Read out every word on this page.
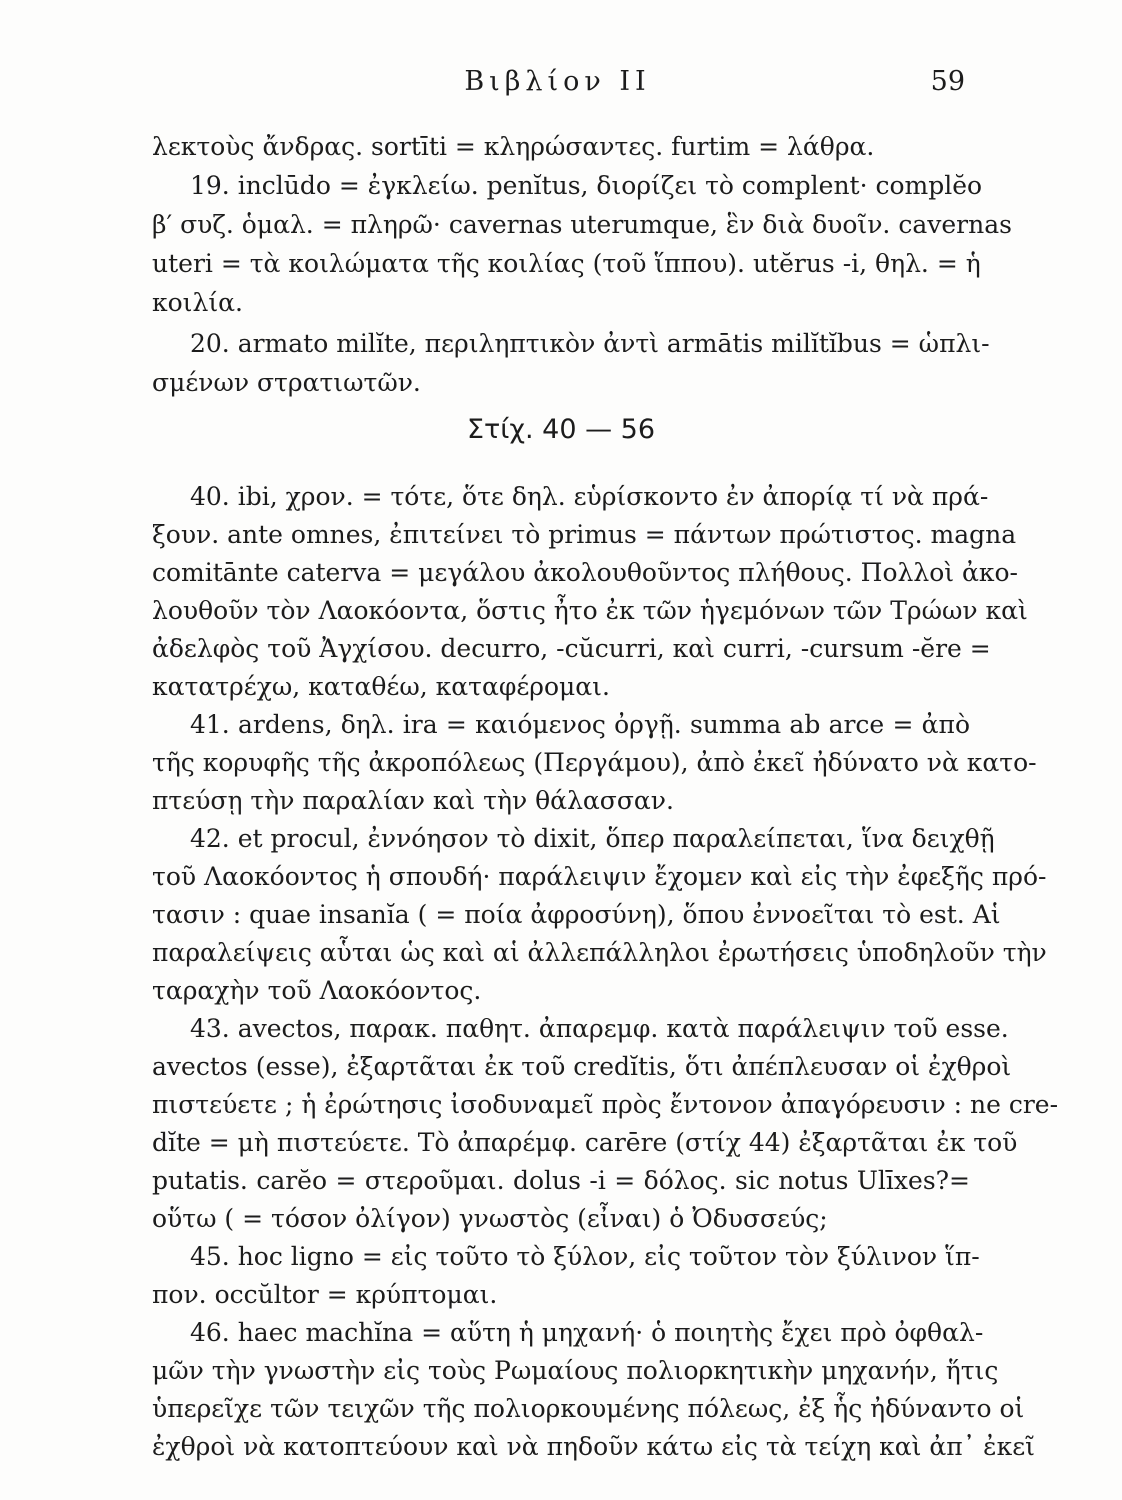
Βιβλίον ΙΙ	59
λεκτοὺς ἄνδρας. sortīti = κληρώσαντες. furtim = λάθρα.
19. inclūdo = ἐγκλείω. penĭtus, διορίζει τὸ complent· complĕo
β′ συζ. ὁμαλ. = πληρῶ· cavernas uterumque, ἓν διὰ δυοῖν. cavernas
uteri = τὰ κοιλώματα τῆς κοιλίας (τοῦ ἵππου). utĕrus -i, θηλ. = ἡ
κοιλία.
20. armato milĭte, περιληπτικὸν ἀντὶ armātis milĭtĭbus = ὡπλι-
σμένων στρατιωτῶν.
Στίχ. 40 — 56
40. ibi, χρον. = τότε, ὅτε δηλ. εὑρίσκοντο ἐν ἀπορίᾳ τί νὰ πρά-
ξουν. ante omnes, ἐπιτείνει τὸ primus = πάντων πρώτιστος. magna
comitānte caterva = μεγάλου ἀκολουθοῦντος πλήθους. Πολλοὶ ἀκο-
λουθοῦν τὸν Λαοκόοντα, ὅστις ἦτο ἐκ τῶν ἡγεμόνων τῶν Τρώων καὶ
ἀδελφὸς τοῦ Ἀγχίσου. decurro, -cŭcurri, καὶ curri, -cursum -ĕre =
κατατρέχω, καταθέω, καταφέρομαι.
41. ardens, δηλ. ira = καιόμενος ὀργῇ. summa ab arce = ἀπὸ
τῆς κορυφῆς τῆς ἀκροπόλεως (Περγάμου), ἀπὸ ἐκεῖ ἠδύνατο νὰ κατο-
πτεύσῃ τὴν παραλίαν καὶ τὴν θάλασσαν.
42. et procul, ἐννόησον τὸ dixit, ὅπερ παραλείπεται, ἵνα δειχθῇ
τοῦ Λαοκόοντος ἡ σπουδή· παράλειψιν ἔχομεν καὶ εἰς τὴν ἐφεξῆς πρό-
τασιν : quae insanĭa ( = ποία ἀφροσύνη), ὅπου ἐννοεῖται τὸ est. Αἱ
παραλείψεις αὗται ὡς καὶ αἱ ἀλλεπάλληλοι ἐρωτήσεις ὑποδηλοῦν τὴν
ταραχὴν τοῦ Λαοκόοντος.
43. avectos, παρακ. παθητ. ἀπαρεμφ. κατὰ παράλειψιν τοῦ esse.
avectos (esse), ἐξαρτᾶται ἐκ τοῦ credĭtis, ὅτι ἀπέπλευσαν οἱ ἐχθροὶ
πιστεύετε ; ἡ ἐρώτησις ἰσοδυναμεῖ πρὸς ἔντονον ἀπαγόρευσιν : ne cre-
dĭte = μὴ πιστεύετε. Τὸ ἀπαρέμφ. carēre (στίχ 44) ἐξαρτᾶται ἐκ τοῦ
putatis. carĕo = στεροῦμαι. dolus -i = δόλος. sic notus Ulīxes?=
οὕτω ( = τόσον ὀλίγον) γνωστὸς (εἶναι) ὁ Ὀδυσσεύς;
45. hoc ligno = εἰς τοῦτο τὸ ξύλον, εἰς τοῦτον τὸν ξύλινον ἵπ-
πον. occŭltor = κρύπτομαι.
46. haec machĭna = αὕτη ἡ μηχανή· ὁ ποιητὴς ἔχει πρὸ ὀφθαλ-
μῶν τὴν γνωστὴν εἰς τοὺς Ρωμαίους πολιορκητικὴν μηχανήν, ἥτις
ὑπερεῖχε τῶν τειχῶν τῆς πολιορκουμένης πόλεως, ἐξ ἧς ἠδύναντο οἱ
ἐχθροὶ νὰ κατοπτεύουν καὶ νὰ πηδοῦν κάτω εἰς τὰ τείχη καὶ ἀπ᾿ ἐκεῖ
